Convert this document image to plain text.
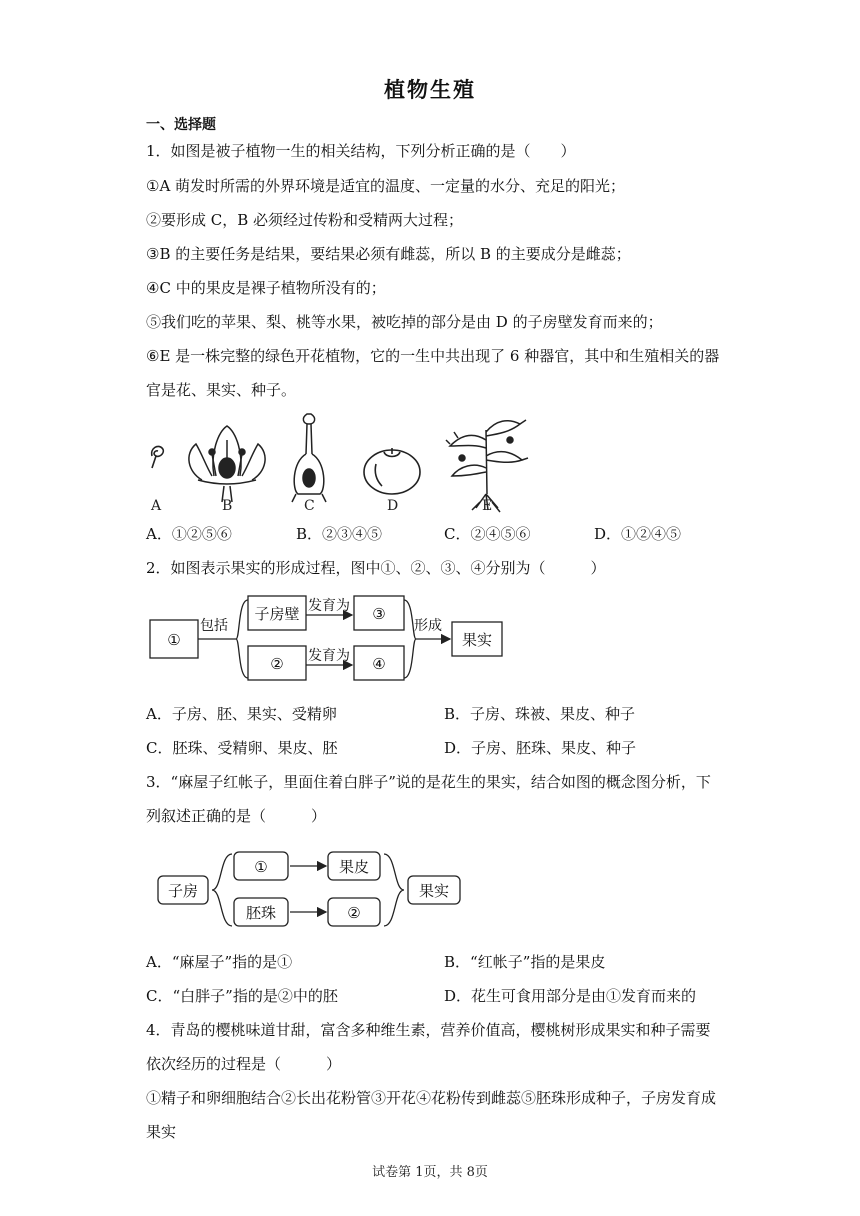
植物生殖
一、选择题
1．如图是被子植物一生的相关结构，下列分析正确的是（　　）
①A 萌发时所需的外界环境是适宜的温度、一定量的水分、充足的阳光；
②要形成 C，B 必须经过传粉和受精两大过程；
③B 的主要任务是结果，要结果必须有雌蕊，所以 B 的主要成分是雌蕊；
④C 中的果皮是裸子植物所没有的；
⑤我们吃的苹果、梨、桃等水果，被吃掉的部分是由 D 的子房壁发育而来的；
⑥E 是一株完整的绿色开花植物，它的一生中共出现了 6 种器官，其中和生殖相关的器
官是花、果实、种子。
A	B	C	D	E
A．①②⑤⑥	B．②③④⑤	C．②④⑤⑥	D．①②④⑤
2．如图表示果实的形成过程，图中①、②、③、④分别为（　　　）
①
包括
子房壁 发育为 ③
② 发育为 ④
形成
果实
A．子房、胚、果实、受精卵	B．子房、珠被、果皮、种子
C．胚珠、受精卵、果皮、胚	D．子房、胚珠、果皮、种子
3．“麻屋子红帐子，里面住着白胖子”说的是花生的果实，结合如图的概念图分析，下
列叙述正确的是（　　　）
子房
①	果皮
胚珠	②
果实
A．“麻屋子”指的是①	B．“红帐子”指的是果皮
C．“白胖子”指的是②中的胚	D．花生可食用部分是由①发育而来的
4．青岛的樱桃味道甘甜，富含多种维生素，营养价值高，樱桃树形成果实和种子需要
依次经历的过程是（　　　）
①精子和卵细胞结合②长出花粉管③开花④花粉传到雌蕊⑤胚珠形成种子，子房发育成
果实
试卷第 1页，共 8页
